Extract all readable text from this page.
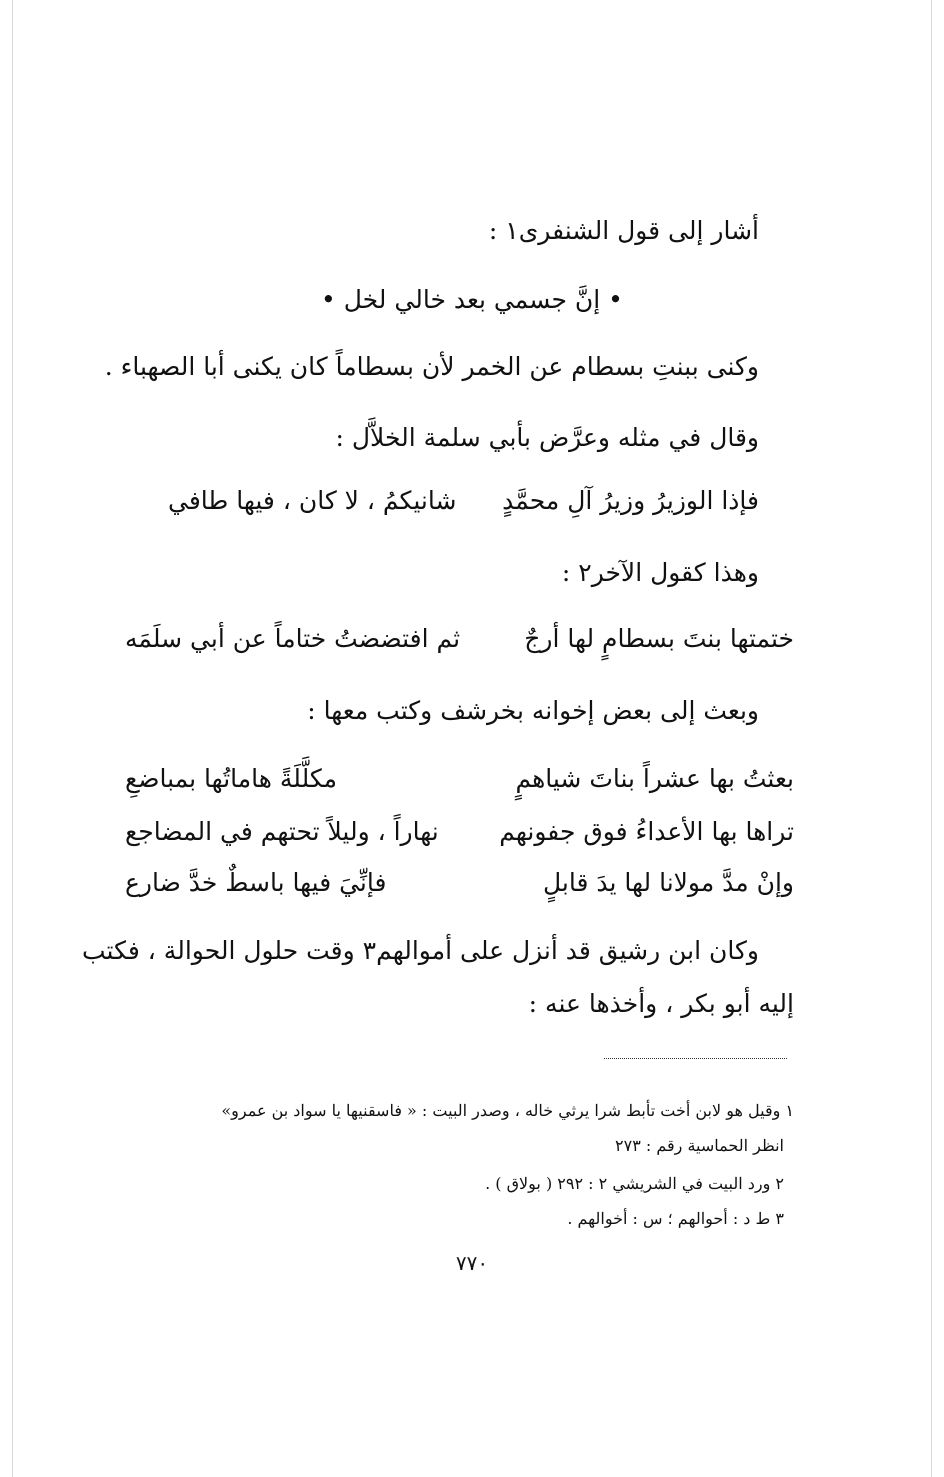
أشار إلى قول الشنفرى١ :
• إنَّ جسمي بعد خالي لخل •
وكنى ببنتِ بسطام عن الخمر لأن بسطاماً كان يكنى أبا الصهباء .
وقال في مثله وعرَّض بأبي سلمة الخلاَّل :
فإذا الوزيرُ وزيرُ آلِ محمَّدٍ
شانيكمُ ، لا كان ، فيها طافي
وهذا كقول الآخر٢ :
ختمتها بنتَ بسطامٍ لها أرجٌ
ثم افتضضتُ ختاماً عن أبي سلَمَه
وبعث إلى بعض إخوانه بخرشف وكتب معها :
بعثتُ بها عشراً بناتَ شياهمٍ
مكلَّلَةً هاماتُها بمباضعِ
تراها بها الأعداءُ فوق جفونهم
نهاراً ، وليلاً تحتهم في المضاجع
وإنْ مدَّ مولانا لها يدَ قابلٍ
فإنِّيَ فيها باسطٌ خدَّ ضارع
وكان ابن رشيق قد أنزل على أموالهم٣ وقت حلول الحوالة ، فكتب
إليه أبو بكر ، وأخذها عنه :
١ وقيل هو لابن أخت تأبط شرا يرثي خاله ، وصدر البيت : « فاسقنيها يا سواد بن عمرو»
انظر الحماسية رقم : ٢٧٣
٢ ورد البيت في الشريشي ٢ : ٢٩٢ ( بولاق ) .
٣ ط د : أحوالهم ؛ س : أخوالهم .
٧٧٠
